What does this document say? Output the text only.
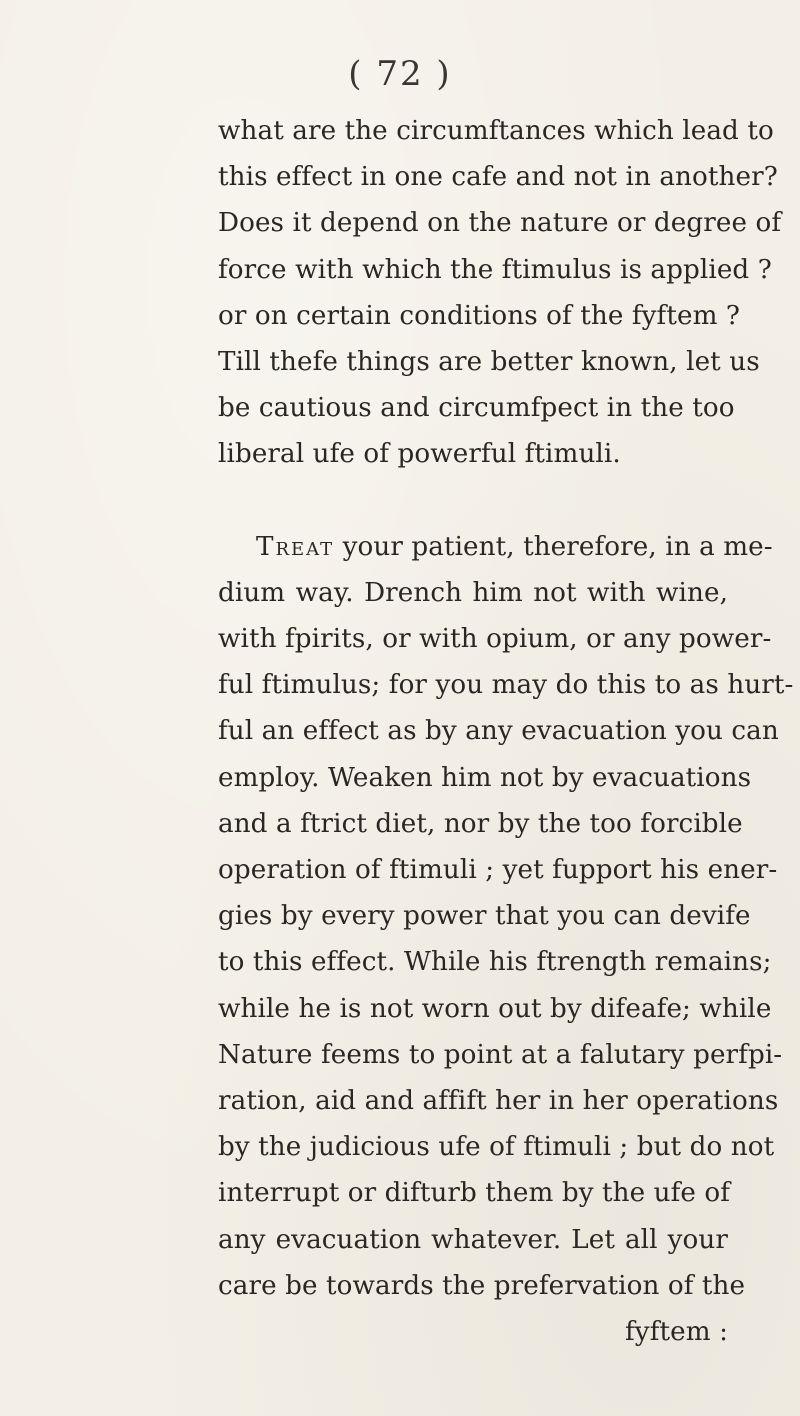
( 72 )
what are the circumftances which lead to
this effect in one cafe and not in another?
Does it depend on the nature or degree of
force with which the ftimulus is applied ?
or on certain conditions of the fyftem ?
Till thefe things are better known, let us
be cautious and circumfpect in the too
liberal ufe of powerful ftimuli.
Treat your patient, therefore, in a me-
dium way. Drench him not with wine,
with fpirits, or with opium, or any power-
ful ftimulus; for you may do this to as hurt-
ful an effect as by any evacuation you can
employ. Weaken him not by evacuations
and a ftrict diet, nor by the too forcible
operation of ftimuli ; yet fupport his ener-
gies by every power that you can devife
to this effect. While his ftrength remains;
while he is not worn out by difeafe; while
Nature feems to point at a falutary perfpi-
ration, aid and affift her in her operations
by the judicious ufe of ftimuli ; but do not
interrupt or difturb them by the ufe of
any evacuation whatever. Let all your
care be towards the prefervation of the
fyftem :
